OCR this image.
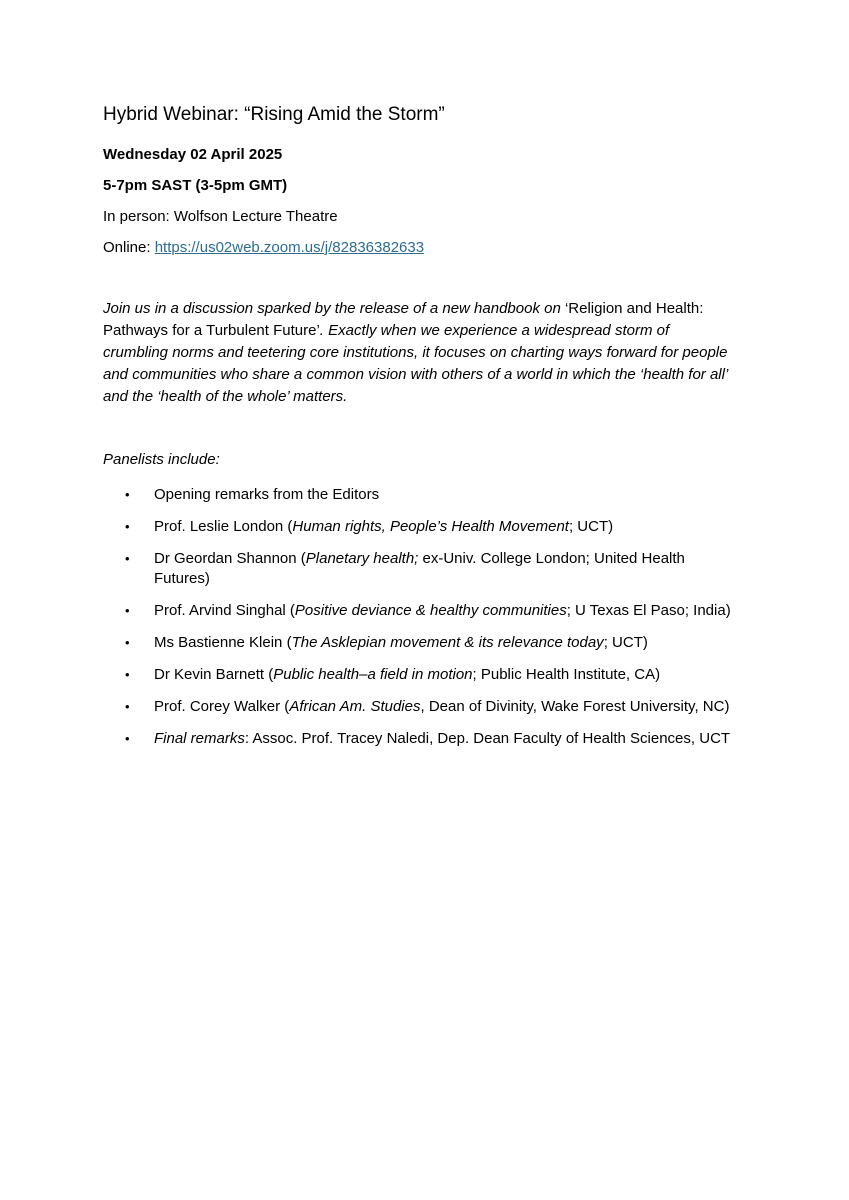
Hybrid Webinar: “Rising Amid the Storm”
Wednesday 02 April 2025
5-7pm SAST (3-5pm GMT)
In person: Wolfson Lecture Theatre
Online: https://us02web.zoom.us/j/82836382633
Join us in a discussion sparked by the release of a new handbook on ‘Religion and Health: Pathways for a Turbulent Future’. Exactly when we experience a widespread storm of crumbling norms and teetering core institutions, it focuses on charting ways forward for people and communities who share a common vision with others of a world in which the ‘health for all’ and the ‘health of the whole’ matters.
Panelists include:
• Opening remarks from the Editors
• Prof. Leslie London (Human rights, People’s Health Movement; UCT)
• Dr Geordan Shannon (Planetary health; ex-Univ. College London; United Health Futures)
• Prof. Arvind Singhal (Positive deviance & healthy communities; U Texas El Paso; India)
• Ms Bastienne Klein (The Asklepian movement & its relevance today; UCT)
• Dr Kevin Barnett (Public health–a field in motion; Public Health Institute, CA)
• Prof. Corey Walker (African Am. Studies, Dean of Divinity, Wake Forest University, NC)
• Final remarks: Assoc. Prof. Tracey Naledi, Dep. Dean Faculty of Health Sciences, UCT
